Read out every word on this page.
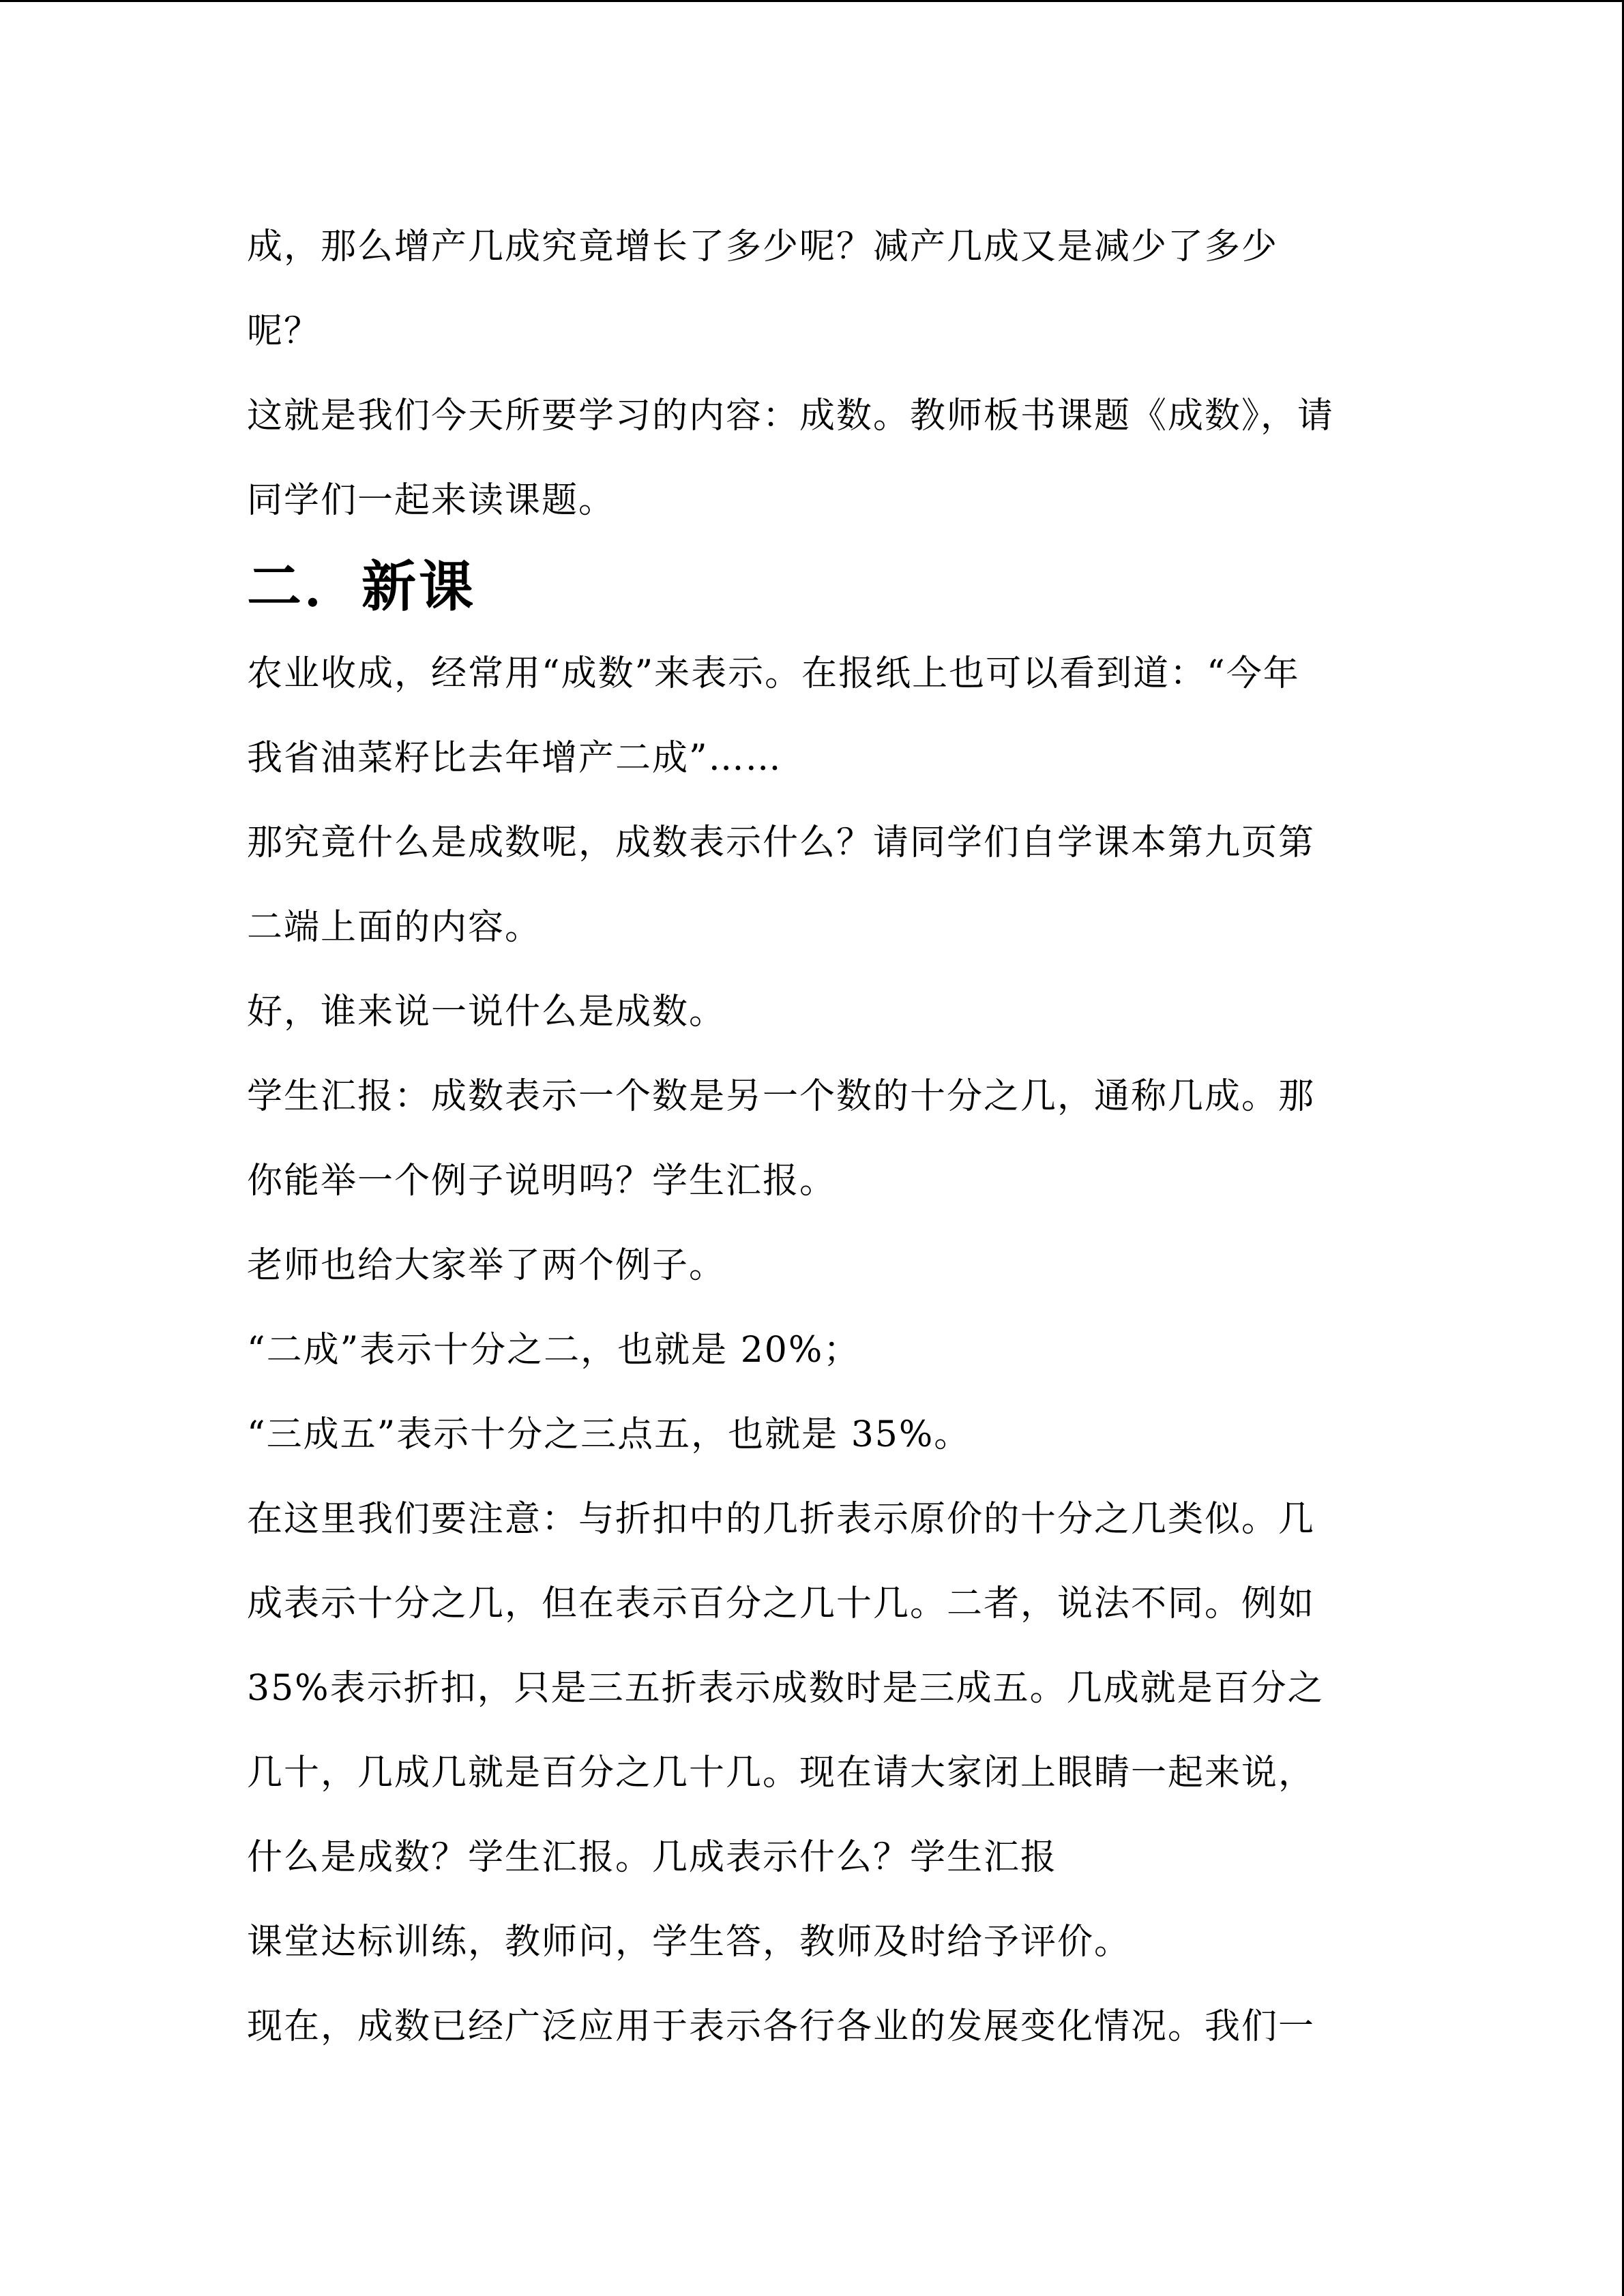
成，那么增产几成究竟增长了多少呢？减产几成又是减少了多少

呢？

这就是我们今天所要学习的内容：成数。教师板书课题《成数》，请

同学们一起来读课题。

二．新课

农业收成，经常用“成数”来表示。在报纸上也可以看到道：“今年

我省油菜籽比去年增产二成”……

那究竟什么是成数呢，成数表示什么？请同学们自学课本第九页第

二端上面的内容。

好，谁来说一说什么是成数。

学生汇报：成数表示一个数是另一个数的十分之几，通称几成。那

你能举一个例子说明吗？学生汇报。

老师也给大家举了两个例子。

“二成”表示十分之二，也就是 20%；

“三成五”表示十分之三点五，也就是 35%。

在这里我们要注意：与折扣中的几折表示原价的十分之几类似。几

成表示十分之几，但在表示百分之几十几。二者，说法不同。例如

35%表示折扣，只是三五折表示成数时是三成五。几成就是百分之

几十，几成几就是百分之几十几。现在请大家闭上眼睛一起来说，

什么是成数？学生汇报。几成表示什么？学生汇报

课堂达标训练，教师问，学生答，教师及时给予评价。

现在，成数已经广泛应用于表示各行各业的发展变化情况。我们一
